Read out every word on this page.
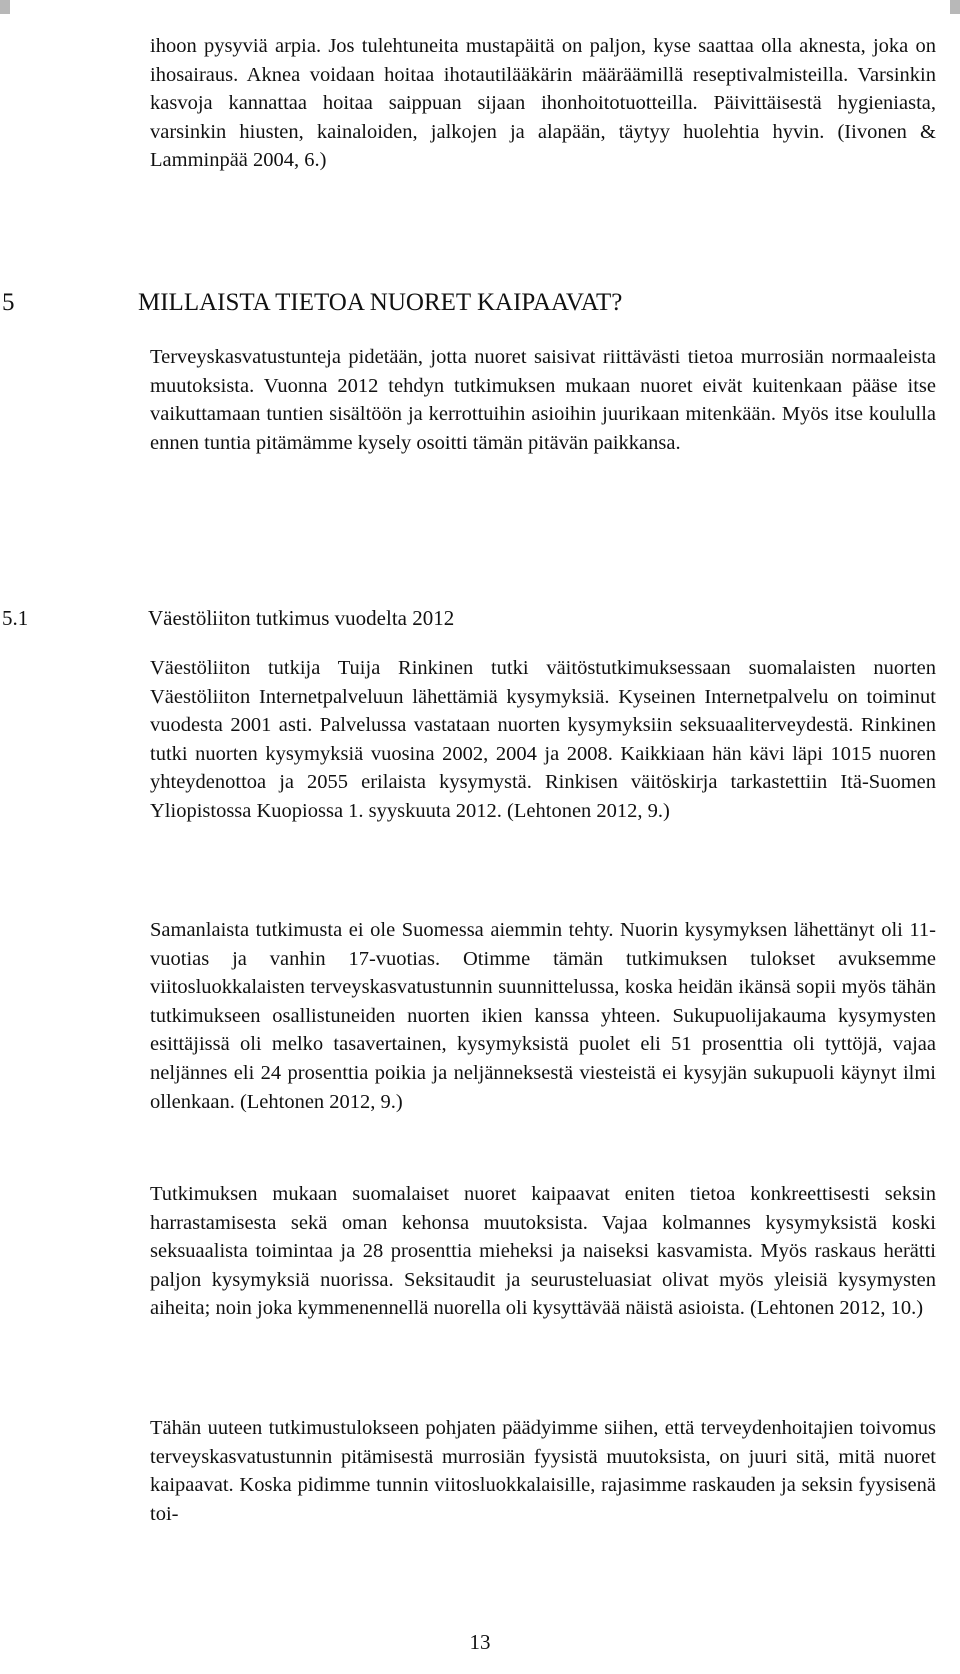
ihoon pysyviä arpia. Jos tulehtuneita mustapäitä on paljon, kyse saattaa olla aknesta, joka on ihosairaus. Aknea voidaan hoitaa ihotautilääkärin määräämillä reseptivalmisteilla. Varsinkin kasvoja kannattaa hoitaa saippuan sijaan ihonhoitotuotteilla. Päivittäisestä hygieniasta, varsinkin hiusten, kainaloiden, jalkojen ja alapään, täytyy huolehtia hyvin. (Iivonen & Lamminpää 2004, 6.)

5	MILLAISTA TIETOA NUORET KAIPAAVAT?

Terveyskasvatustunteja pidetään, jotta nuoret saisivat riittävästi tietoa murrosiän normaaleista muutoksista. Vuonna 2012 tehdyn tutkimuksen mukaan nuoret eivät kuitenkaan pääse itse vaikuttamaan tuntien sisältöön ja kerrottuihin asioihin juurikaan mitenkään. Myös itse koululla ennen tuntia pitämämme kysely osoitti tämän pitävän paikkansa.

5.1	Väestöliiton tutkimus vuodelta 2012

Väestöliiton tutkija Tuija Rinkinen tutki väitöstutkimuksessaan suomalaisten nuorten Väestöliiton Internetpalveluun lähettämiä kysymyksiä. Kyseinen Internetpalvelu on toiminut vuodesta 2001 asti. Palvelussa vastataan nuorten kysymyksiin seksuaaliterveydestä. Rinkinen tutki nuorten kysymyksiä vuosina 2002, 2004 ja 2008. Kaikkiaan hän kävi läpi 1015 nuoren yhteydenottoa ja 2055 erilaista kysymystä. Rinkisen väitöskirja tarkastettiin Itä-Suomen Yliopistossa Kuopiossa 1. syyskuuta 2012. (Lehtonen 2012, 9.)

Samanlaista tutkimusta ei ole Suomessa aiemmin tehty. Nuorin kysymyksen lähettänyt oli 11-vuotias ja vanhin 17-vuotias. Otimme tämän tutkimuksen tulokset avuksemme viitosluokkalaisten terveyskasvatustunnin suunnittelussa, koska heidän ikänsä sopii myös tähän tutkimukseen osallistuneiden nuorten ikien kanssa yhteen. Sukupuolijakauma kysymysten esittäjissä oli melko tasavertainen, kysymyksistä puolet eli 51 prosenttia oli tyttöjä, vajaa neljännes eli 24 prosenttia poikia ja neljänneksestä viesteistä ei kysyjän sukupuoli käynyt ilmi ollenkaan. (Lehtonen 2012, 9.)

Tutkimuksen mukaan suomalaiset nuoret kaipaavat eniten tietoa konkreettisesti seksin harrastamisesta sekä oman kehonsa muutoksista. Vajaa kolmannes kysymyksistä koski seksuaalista toimintaa ja 28 prosenttia mieheksi ja naiseksi kasvamista. Myös raskaus herätti paljon kysymyksiä nuorissa. Seksitaudit ja seurusteluasiat olivat myös yleisiä kysymysten aiheita; noin joka kymmenennellä nuorella oli kysyttävää näistä asioista. (Lehtonen 2012, 10.)

Tähän uuteen tutkimustulokseen pohjaten päädyimme siihen, että terveydenhoitajien toivomus terveyskasvatustunnin pitämisestä murrosiän fyysistä muutoksista, on juuri sitä, mitä nuoret kaipaavat. Koska pidimme tunnin viitosluokkalaisille, rajasimme raskauden ja seksin fyysisenä toi-

13
